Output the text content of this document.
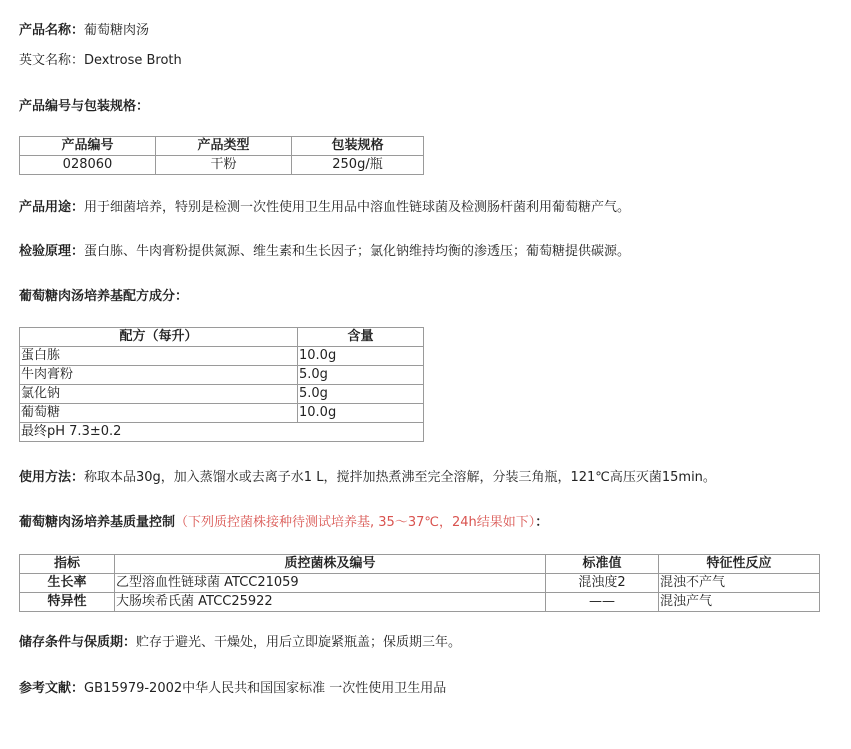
产品名称：葡萄糖肉汤
英文名称：Dextrose Broth
产品编号与包装规格：
产品编号	产品类型	包装规格
028060	干粉	250g/瓶
产品用途：用于细菌培养，特别是检测一次性使用卫生用品中溶血性链球菌及检测肠杆菌利用葡萄糖产气。
检验原理：蛋白胨、牛肉膏粉提供氮源、维生素和生长因子；氯化钠维持均衡的渗透压；葡萄糖提供碳源。
葡萄糖肉汤培养基配方成分：
配方（每升）	含量
蛋白胨	10.0g
牛肉膏粉	5.0g
氯化钠	5.0g
葡萄糖	10.0g
最终pH 7.3±0.2	
使用方法：称取本品30g，加入蒸馏水或去离子水1 L，搅拌加热煮沸至完全溶解，分装三角瓶，121℃高压灭菌15min。
葡萄糖肉汤培养基质量控制（下列质控菌株接种待测试培养基, 35～37℃，24h结果如下）：
指标	质控菌株及编号	标准值	特征性反应
生长率	乙型溶血性链球菌 ATCC21059	混浊度2	混浊不产气
特异性	大肠埃希氏菌 ATCC25922	——	混浊产气
储存条件与保质期：贮存于避光、干燥处，用后立即旋紧瓶盖；保质期三年。
参考文献：GB15979-2002中华人民共和国国家标准 一次性使用卫生用品
